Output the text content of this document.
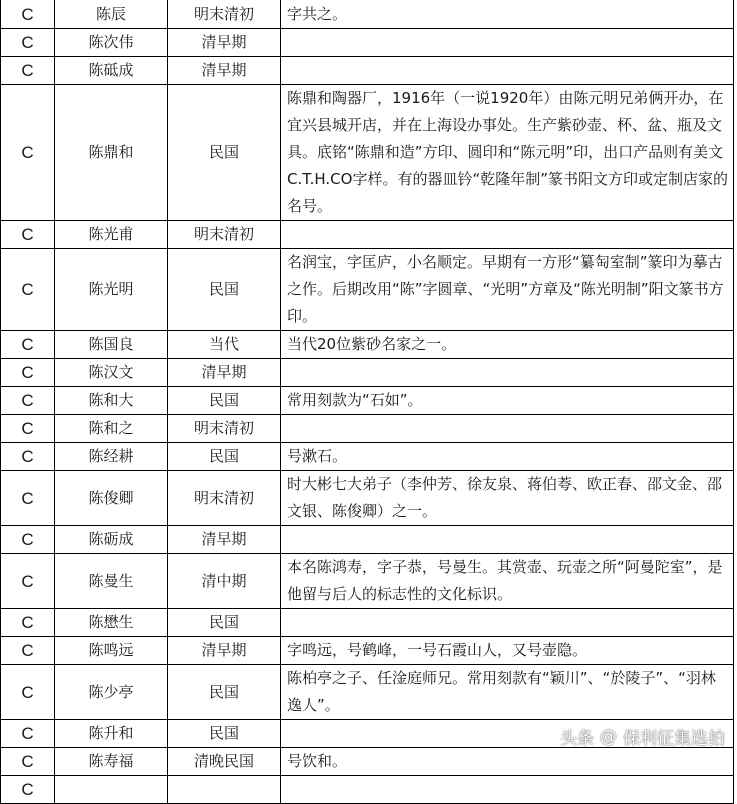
C	陈辰	明末清初	字共之。
C	陈次伟	清早期	
C	陈砥成	清早期	
C	陈鼎和	民国	陈鼎和陶器厂，1916年（一说1920年）由陈元明兄弟俩开办，在宜兴县城开店，并在上海设办事处。生产紫砂壶、杯、盆、瓶及文具。底铭“陈鼎和造”方印、圆印和“陈元明”印，出口产品则有美文C.T.H.CO字样。有的器皿钤“乾隆年制”篆书阳文方印或定制店家的名号。
C	陈光甫	明末清初	
C	陈光明	民国	名润宝，字匡庐，小名顺定。早期有一方形“纂匋室制”篆印为摹古之作。后期改用“陈”字圆章、“光明”方章及“陈光明制”阳文篆书方印。
C	陈国良	当代	当代20位紫砂名家之一。
C	陈汉文	清早期	
C	陈和大	民国	常用刻款为“石如”。
C	陈和之	明末清初	
C	陈经耕	民国	号漱石。
C	陈俊卿	明末清初	时大彬七大弟子（李仲芳、徐友泉、蒋伯荂、欧正春、邵文金、邵文银、陈俊卿）之一。
C	陈砺成	清早期	
C	陈曼生	清中期	本名陈鸿寿，字子恭，号曼生。其赏壶、玩壶之所“阿曼陀室”，是他留与后人的标志性的文化标识。
C	陈懋生	民国	
C	陈鸣远	清早期	字鸣远，号鹤峰，一号石霞山人，又号壶隐。
C	陈少亭	民国	陈柏亭之子、任淦庭师兄。常用刻款有“颖川”、“於陵子”、“羽林逸人”。
C	陈升和	民国	
C	陈寿福	清晚民国	号饮和。
C			
头条 @ 保利征集选拍
